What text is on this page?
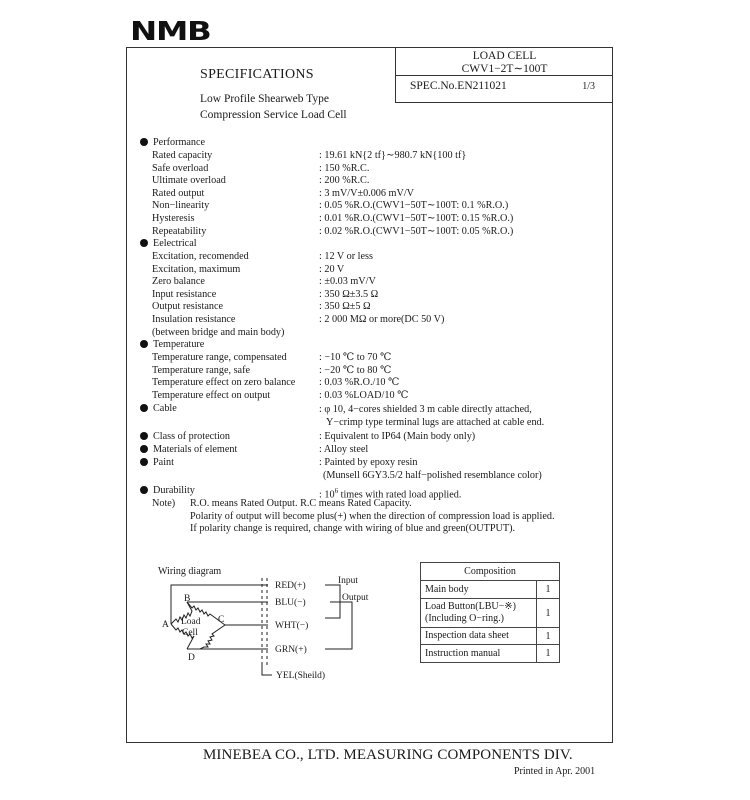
NMB
SPECIFICATIONS
Low Profile Shearweb Type
Compression Service Load Cell
LOAD CELL
CWV1−2T∼100T
SPEC.No.EN211021	1/3
Performance
Eelectrical
Temperature
Rated capacity	: 19.61 kN{2 tf}∼980.7 kN{100 tf}
Safe overload	: 150 %R.C.
Ultimate overload	: 200 %R.C.
Rated output	: 3 mV/V±0.006 mV/V
Non−linearity	: 0.05 %R.O.(CWV1−50T∼100T: 0.1 %R.O.)
Hysteresis	: 0.01 %R.O.(CWV1−50T∼100T: 0.15 %R.O.)
Repeatability	: 0.02 %R.O.(CWV1−50T∼100T: 0.05 %R.O.)
Excitation, recomended	: 12 V or less
Excitation, maximum	: 20 V
Zero balance	: ±0.03 mV/V
Input resistance	: 350 Ω±3.5 Ω
Output resistance	: 350 Ω±5 Ω
Insulation resistance	: 2 000 MΩ or more(DC 50 V)
(between bridge and main body)
Temperature range, compensated	: −10 ℃ to 70 ℃
Temperature range, safe	: −20 ℃ to 80 ℃
Temperature effect on zero balance : 0.03 %R.O./10 ℃
Temperature effect on output	: 0.03 %LOAD/10 ℃
Cable	: φ 10, 4−cores shielded 3 m cable directly attached,
Y−crimp type terminal lugs are attached at cable end.
Class of protection	: Equivalent to IP64 (Main body only)
Materials of element	: Alloy steel
Paint	: Painted by epoxy resin
(Munsell 6GY3.5/2 half−polished resemblance color)
Durability	: $10^6$ times with rated load applied.
Note) R.O. means Rated Output. R.C means Rated Capacity.
Polarity of output will become plus(+) when the direction of compression load is applied.
If polarity change is required, change with wiring of blue and green(OUTPUT).
Wiring diagram
A
B
C
D
Load
Cell
RED(+)
BLU(−)
WHT(−)
GRN(+)
YEL(Sheild)
Input
Output
Composition	
Main body	1

Load Button(LBU−※)
(Including O−ring.)	1
Inspection data sheet	1
Instruction manual	1
MINEBEA CO., LTD. MEASURING COMPONENTS DIV.
Printed in Apr. 2001
